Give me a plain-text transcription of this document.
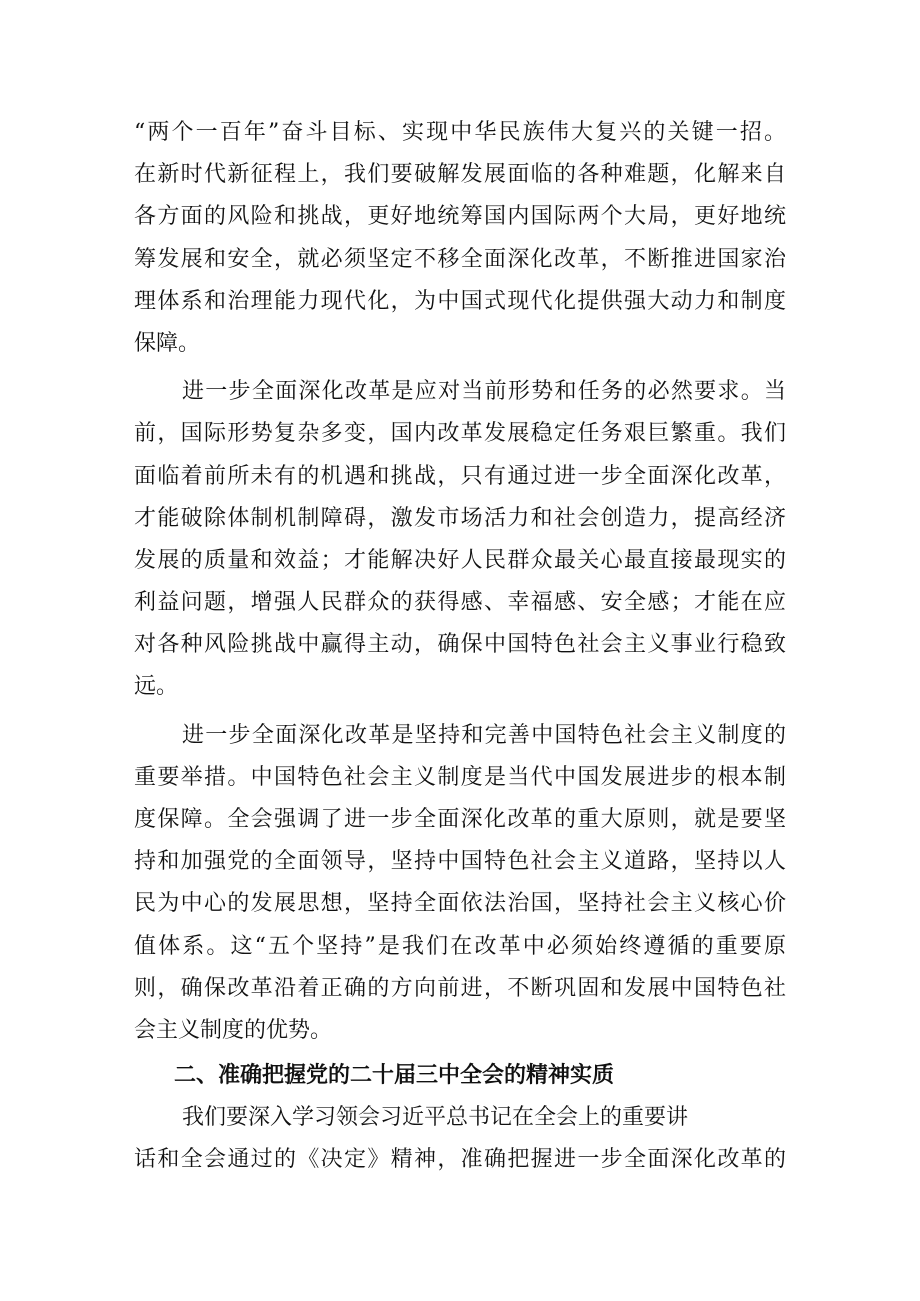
“两个一百年”奋斗目标、实现中华民族伟大复兴的关键一招。
在新时代新征程上，我们要破解发展面临的各种难题，化解来自
各方面的风险和挑战，更好地统筹国内国际两个大局，更好地统
筹发展和安全，就必须坚定不移全面深化改革，不断推进国家治
理体系和治理能力现代化，为中国式现代化提供强大动力和制度
保障。
进一步全面深化改革是应对当前形势和任务的必然要求。当
前，国际形势复杂多变，国内改革发展稳定任务艰巨繁重。我们
面临着前所未有的机遇和挑战，只有通过进一步全面深化改革，
才能破除体制机制障碍，激发市场活力和社会创造力，提高经济
发展的质量和效益；才能解决好人民群众最关心最直接最现实的
利益问题，增强人民群众的获得感、幸福感、安全感；才能在应
对各种风险挑战中赢得主动，确保中国特色社会主义事业行稳致
远。
进一步全面深化改革是坚持和完善中国特色社会主义制度的
重要举措。中国特色社会主义制度是当代中国发展进步的根本制
度保障。全会强调了进一步全面深化改革的重大原则，就是要坚
持和加强党的全面领导，坚持中国特色社会主义道路，坚持以人
民为中心的发展思想，坚持全面依法治国，坚持社会主义核心价
值体系。这“五个坚持”是我们在改革中必须始终遵循的重要原
则，确保改革沿着正确的方向前进，不断巩固和发展中国特色社
会主义制度的优势。
二、准确把握党的二十届三中全会的精神实质
我们要深入学习领会习近平总书记在全会上的重要讲
话和全会通过的《决定》精神，准确把握进一步全面深化改革的
